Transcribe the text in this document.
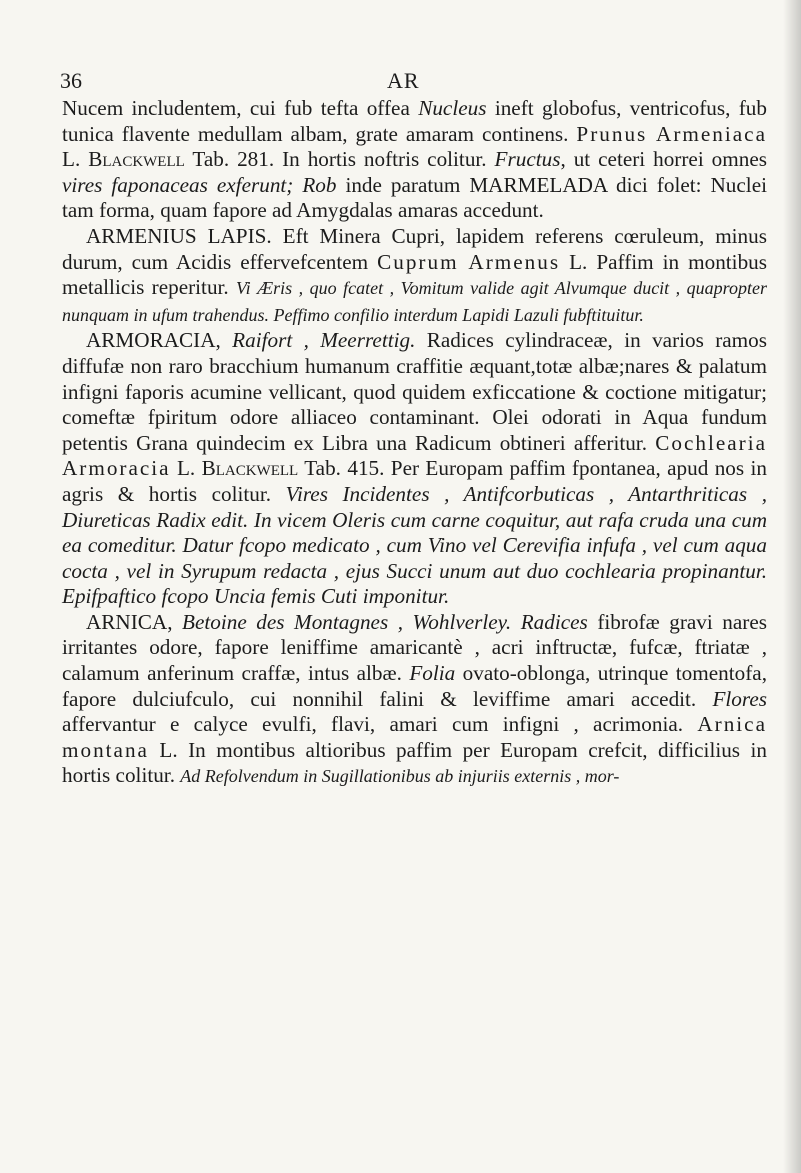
36	AR

Nucem includentem, cui fub tefta offea Nucleus ineft globofus, ventricofus, fub tunica flavente medullam albam, grate amaram continens. Prunus Armeniaca L. Blackwell Tab. 281. In hortis noftris colitur. Fructus, ut ceteri horrei omnes vires faponaceas exferunt; Rob inde paratum MARMELADA dici folet: Nuclei tam forma, quam fapore ad Amygdalas amaras accedunt.

ARMENIUS LAPIS. Eft Minera Cupri, lapidem referens cœruleum, minus durum, cum Acidis effervefcentem Cuprum Armenus L. Paffim in montibus metallicis reperitur. Vi Æris , quo fcatet , Vomitum valide agit Alvumque ducit , quapropter nunquam in ufum trahendus. Peffimo confilio interdum Lapidi Lazuli fubftituitur.

ARMORACIA, Raifort , Meerrettig. Radices cylindraceæ, in varios ramos diffufæ non raro bracchium humanum craffitie æquant,totæ albæ;nares & palatum infigni faporis acumine vellicant, quod quidem exficcatione & coctione mitigatur; comeftæ fpiritum odore alliaceo contaminant. Olei odorati in Aqua fundum petentis Grana quindecim ex Libra una Radicum obtineri afferitur. Cochlearia Armoracia L. Blackwell Tab. 415. Per Europam paffim fpontanea, apud nos in agris & hortis colitur. Vires Incidentes , Antifcorbuticas , Antarthriticas , Diureticas Radix edit. In vicem Oleris cum carne coquitur, aut rafa cruda una cum ea comeditur. Datur fcopo medicato , cum Vino vel Cerevifia infufa , vel cum aqua cocta , vel in Syrupum redacta , ejus Succi unum aut duo cochlearia propinantur. Epifpaftico fcopo Uncia femis Cuti imponitur.

ARNICA, Betoine des Montagnes , Wohlverley. Radices fibrofæ gravi nares irritantes odore, fapore leniffime amaricantè , acri inftructæ, fufcæ, ftriatæ , calamum anferinum craffæ, intus albæ. Folia ovato-oblonga, utrinque tomentofa, fapore dulciufculo, cui nonnihil falini & leviffime amari accedit. Flores affervantur e calyce evulfi, flavi, amari cum infigni , acrimonia. Arnica montana L. In montibus altioribus paffim per Europam crefcit, difficilius in hortis colitur. Ad Refolvendum in Sugillationibus ab injuriis externis , mor-
